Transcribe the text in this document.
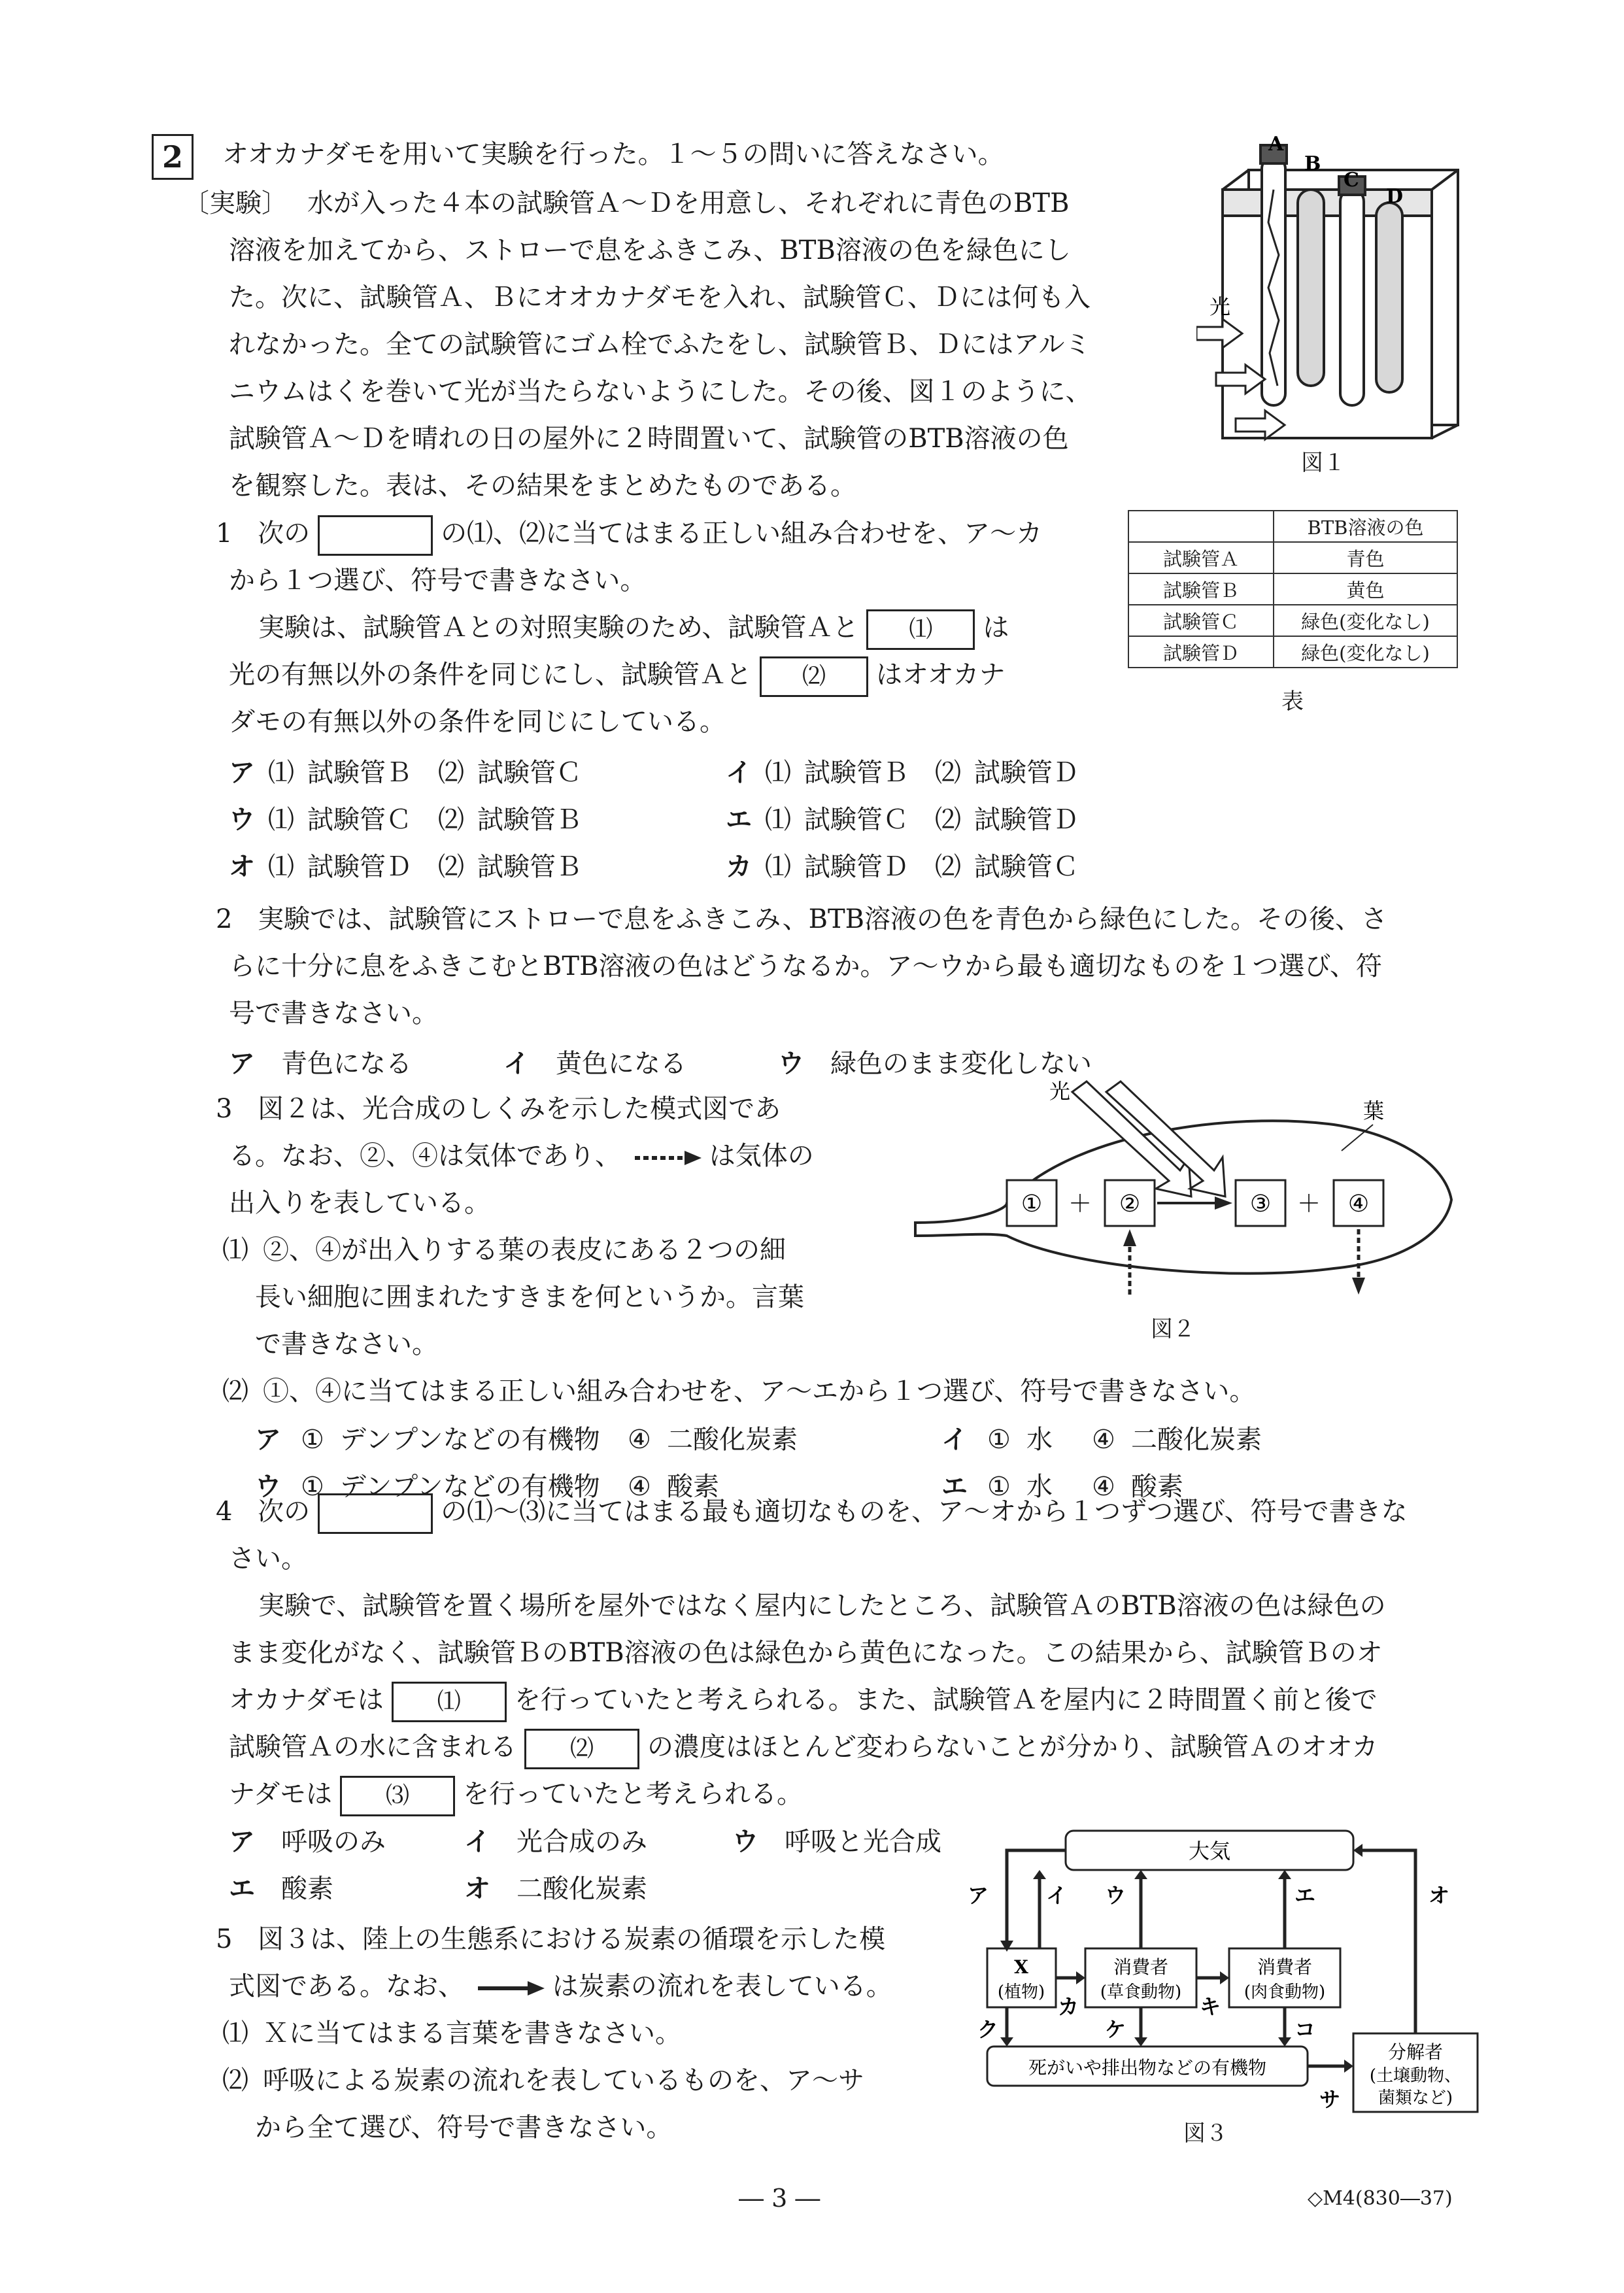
2	オオカナダモを用いて実験を行った。１～５の問いに答えなさい。
〔実験〕 水が入った４本の試験管Ａ～Ｄを用意し、それぞれに青色のBTB
溶液を加えてから、ストローで息をふきこみ、BTB溶液の色を緑色にし
た。次に、試験管Ａ、Ｂにオオカナダモを入れ、試験管Ｃ、Ｄには何も入
れなかった。全ての試験管にゴム栓でふたをし、試験管Ｂ、Ｄにはアルミ
ニウムはくを巻いて光が当たらないようにした。その後、図１のように、
試験管Ａ～Ｄを晴れの日の屋外に２時間置いて、試験管のBTB溶液の色
を観察した。表は、その結果をまとめたものである。
光
A
B
C
D
図１
	BTB溶液の色
試験管Ａ	青色
試験管Ｂ	黄色
試験管Ｃ	緑色(変化なし)
試験管Ｄ	緑色(変化なし)
表
1 次の	の⑴、⑵に当てはまる正しい組み合わせを、ア～カ
から１つ選び、符号で書きなさい。
実験は、試験管Ａとの対照実験のため、試験管Ａと ⑴ は
光の有無以外の条件を同じにし、試験管Ａと ⑵ はオオカナ
ダモの有無以外の条件を同じにしている。
ア ⑴ 試験管Ｂ ⑵ 試験管Ｃ	イ ⑴ 試験管Ｂ ⑵ 試験管Ｄ
ウ ⑴ 試験管Ｃ ⑵ 試験管Ｂ	エ ⑴ 試験管Ｃ ⑵ 試験管Ｄ
オ ⑴ 試験管Ｄ ⑵ 試験管Ｂ	カ ⑴ 試験管Ｄ ⑵ 試験管Ｃ
2 実験では、試験管にストローで息をふきこみ、BTB溶液の色を青色から緑色にした。その後、さ
らに十分に息をふきこむとBTB溶液の色はどうなるか。ア～ウから最も適切なものを１つ選び、符
号で書きなさい。
ア 青色になる	イ 黄色になる	ウ 緑色のまま変化しない
3 図２は、光合成のしくみを示した模式図であ
る。なお、②、④は気体であり、	は気体の
出入りを表している。
⑴ ②、④が出入りする葉の表皮にある２つの細
長い細胞に囲まれたすきまを何というか。言葉
で書きなさい。
⑵ ①、④に当てはまる正しい組み合わせを、ア～エから１つ選び、符号で書きなさい。
ア ① デンプンなどの有機物 ④ 二酸化炭素	イ ① 水 ④ 二酸化炭素
ウ ① デンプンなどの有機物 ④ 酸素	エ ① 水 ④ 酸素
光
葉
①	②	③	④
＋	＋
図２
4 次の	の⑴～⑶に当てはまる最も適切なものを、ア～オから１つずつ選び、符号で書きな
さい。
実験で、試験管を置く場所を屋外ではなく屋内にしたところ、試験管ＡのBTB溶液の色は緑色の
まま変化がなく、試験管ＢのBTB溶液の色は緑色から黄色になった。この結果から、試験管Ｂのオ
オカナダモは ⑴ を行っていたと考えられる。また、試験管Ａを屋内に２時間置く前と後で
試験管Ａの水に含まれる ⑵ の濃度はほとんど変わらないことが分かり、試験管Ａのオオカ
ナダモは ⑶ を行っていたと考えられる。
ア 呼吸のみ	イ 光合成のみ	ウ 呼吸と光合成
エ 酸素	オ 二酸化炭素
5 図３は、陸上の生態系における炭素の循環を示した模
式図である。なお、	は炭素の流れを表している。
⑴ Ｘに当てはまる言葉を書きなさい。
⑵ 呼吸による炭素の流れを表しているものを、ア～サ
から全て選び、符号で書きなさい。
大気
X
(植物)
消費者
(草食動物)
消費者
(肉食動物)
死がいや排出物などの有機物
分解者
(土壌動物、
菌類など)
ア	イ ウ	エ	オ
カ	キ
ク	ケ	コ
サ
図３
― 3 ―	◇M4(830―37)
